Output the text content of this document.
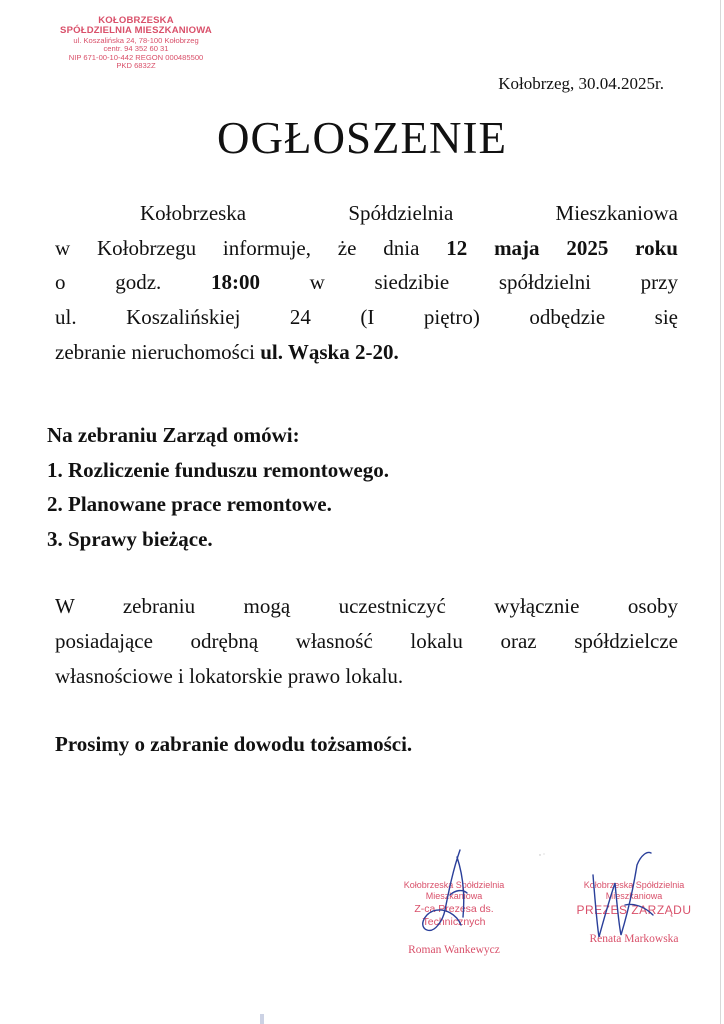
KOŁOBRZESKA
SPÓŁDZIELNIA MIESZKANIOWA
ul. Koszalińska 24, 78-100 Kołobrzeg
centr. 94 352 60 31
NIP 671-00-10-442 REGON 000485500
PKD 6832Z
Kołobrzeg, 30.04.2025r.
OGŁOSZENIE
Kołobrzeska Spółdzielnia Mieszkaniowa
w Kołobrzegu informuje, że dnia 12 maja 2025 roku
o godz. 18:00 w siedzibie spółdzielni przy
ul. Koszalińskiej 24 (I piętro) odbędzie się
zebranie nieruchomości ul. Wąska 2-20.
Na zebraniu Zarząd omówi:
1. Rozliczenie funduszu remontowego.
2. Planowane prace remontowe.
3. Sprawy bieżące.
W zebraniu mogą uczestniczyć wyłącznie osoby
posiadające odrębną własność lokalu oraz spółdzielcze
własnościowe i lokatorskie prawo lokalu.
Prosimy o zabranie dowodu tożsamości.
Kołobrzeska Spółdzielnia Mieszkaniowa
Z-ca Prezesa ds. Technicznych
Roman Wankewycz
Kołobrzeska Spółdzielnia Mieszkaniowa
PREZES ZARZĄDU
Renata Markowska
